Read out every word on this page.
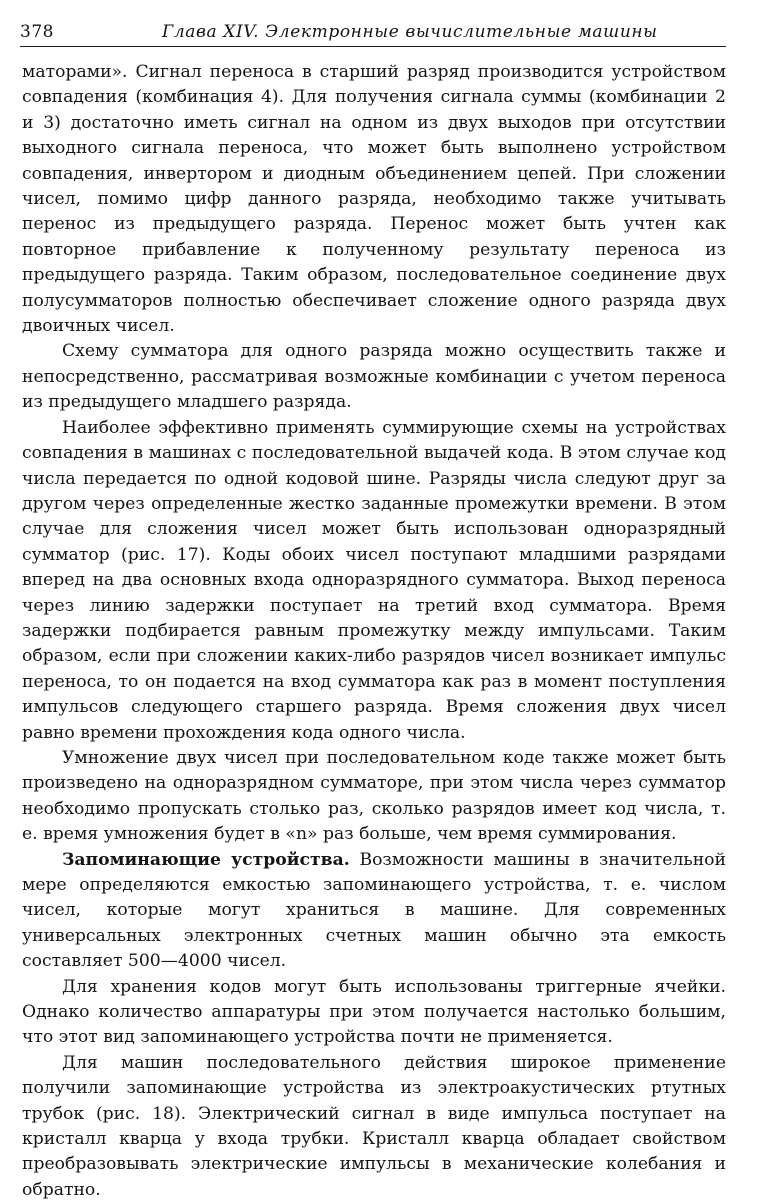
378	Глава XIV. Электронные вычислительные машины

маторами». Сигнал переноса в старший разряд производится устройством совпадения (комбинация 4). Для получения сигнала суммы (комбинации 2 и 3) достаточно иметь сигнал на одном из двух выходов при отсутствии выходного сигнала переноса, что может быть выполнено устройством совпадения, инвертором и диодным объединением цепей. При сложении чисел, помимо цифр данного разряда, необходимо также учитывать перенос из предыдущего разряда. Перенос может быть учтен как повторное прибавление к полученному результату переноса из предыдущего разряда. Таким образом, последовательное соединение двух полусумматоров полностью обеспечивает сложение одного разряда двух двоичных чисел.

Схему сумматора для одного разряда можно осуществить также и непосредственно, рассматривая возможные комбинации с учетом переноса из предыдущего младшего разряда.

Наиболее эффективно применять суммирующие схемы на устройствах совпадения в машинах с последовательной выдачей кода. В этом случае код числа передается по одной кодовой шине. Разряды числа следуют друг за другом через определенные жестко заданные промежутки времени. В этом случае для сложения чисел может быть использован одноразрядный сумматор (рис. 17). Коды обоих чисел поступают младшими разрядами вперед на два основных входа одноразрядного сумматора. Выход переноса через линию задержки поступает на третий вход сумматора. Время задержки подбирается равным промежутку между импульсами. Таким образом, если при сложении каких-либо разрядов чисел возникает импульс переноса, то он подается на вход сумматора как раз в момент поступления импульсов следующего старшего разряда. Время сложения двух чисел равно времени прохождения кода одного числа.

Умножение двух чисел при последовательном коде также может быть произведено на одноразрядном сумматоре, при этом числа через сумматор необходимо пропускать столько раз, сколько разрядов имеет код числа, т. е. время умножения будет в «n» раз больше, чем время суммирования.

Запоминающие устройства. Возможности машины в значительной мере определяются емкостью запоминающего устройства, т. е. числом чисел, которые могут храниться в машине. Для современных универсальных электронных счетных машин обычно эта емкость составляет 500—4000 чисел.

Для хранения кодов могут быть использованы триггерные ячейки. Однако количество аппаратуры при этом получается настолько большим, что этот вид запоминающего устройства почти не применяется.

Для машин последовательного действия широкое применение получили запоминающие устройства из электроакустических ртутных трубок (рис. 18). Электрический сигнал в виде импульса поступает на кристалл кварца у входа трубки. Кристалл кварца обладает свойством преобразовывать электрические импульсы в механические колебания и обратно.
